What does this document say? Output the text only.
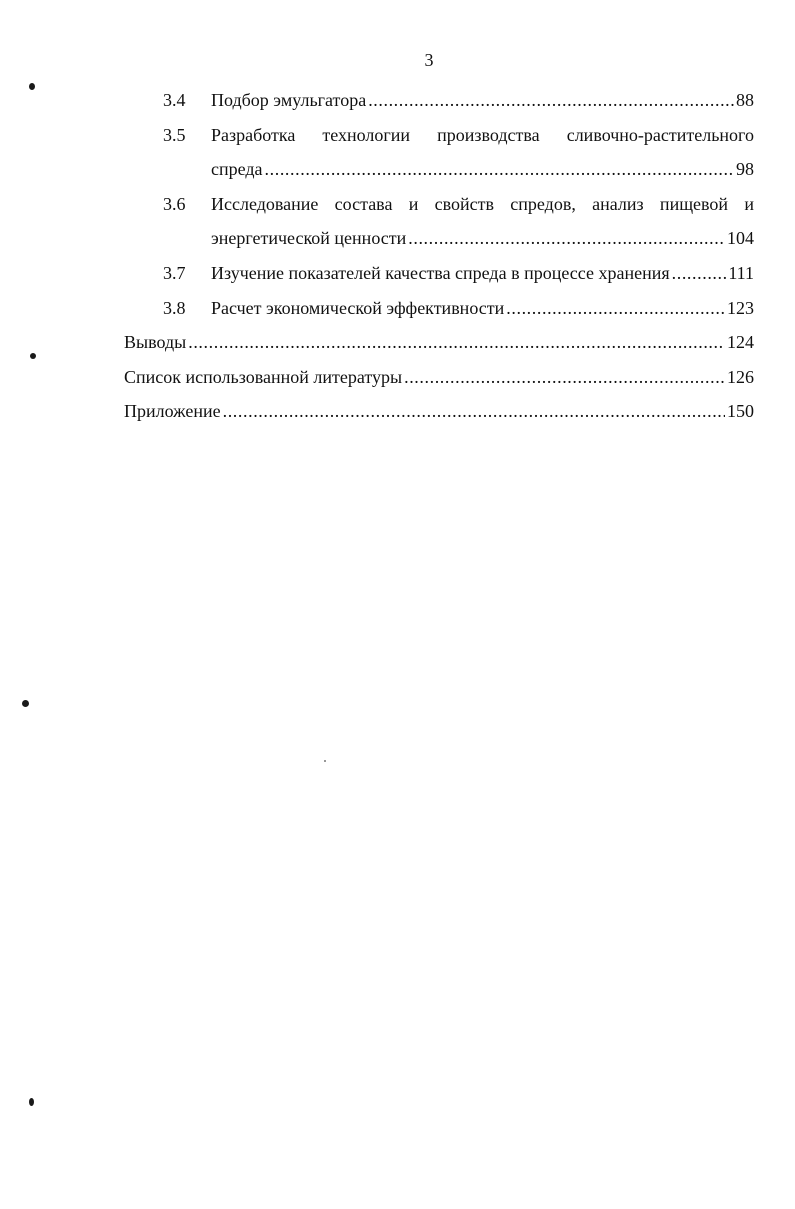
3
3.4 Подбор эмульгатора .....	88
3.5 Разработка технологии производства сливочно-растительного
спреда .....	98
3.6 Исследование состава и свойств спредов, анализ пищевой и
энергетической ценности .....	104
3.7 Изучение показателей качества спреда в процессе хранения .....	111
3.8 Расчет экономической эффективности .....	123
Выводы .....	124
Список использованной литературы .....	126
Приложение .....	150
